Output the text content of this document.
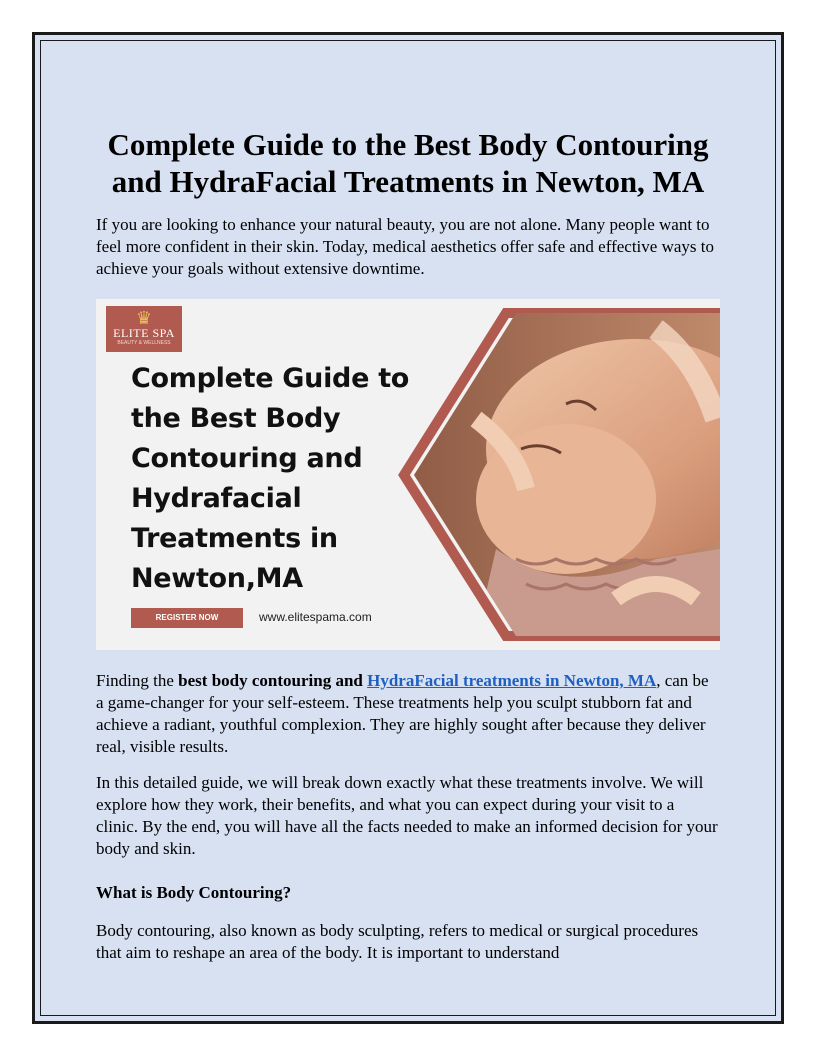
Complete Guide to the Best Body Contouring and HydraFacial Treatments in Newton, MA

If you are looking to enhance your natural beauty, you are not alone. Many people want to feel more confident in their skin. Today, medical aesthetics offer safe and effective ways to achieve your goals without extensive downtime.

♛
ELITE SPA
BEAUTY & WELLNESS
Complete Guide to the Best Body Contouring and Hydrafacial Treatments in Newton,MA
REGISTER NOW	www.elitespama.com

Finding the best body contouring and HydraFacial treatments in Newton, MA, can be a game-changer for your self-esteem. These treatments help you sculpt stubborn fat and achieve a radiant, youthful complexion. They are highly sought after because they deliver real, visible results.

In this detailed guide, we will break down exactly what these treatments involve. We will explore how they work, their benefits, and what you can expect during your visit to a clinic. By the end, you will have all the facts needed to make an informed decision for your body and skin.

What is Body Contouring?

Body contouring, also known as body sculpting, refers to medical or surgical procedures that aim to reshape an area of the body. It is important to understand
